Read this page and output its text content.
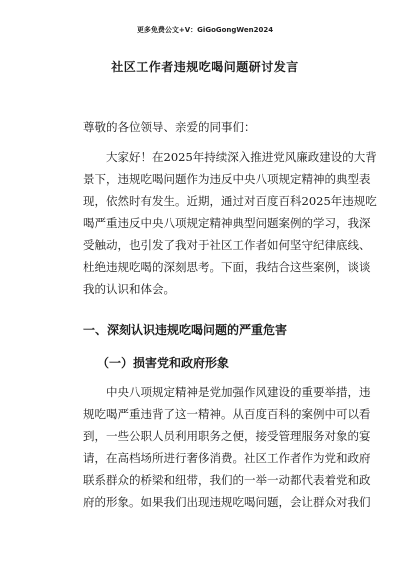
更多免费公文+V：GiGoGongWen2024
社区工作者违规吃喝问题研讨发言
尊敬的各位领导、亲爱的同事们：
　　大家好！在2025年持续深入推进党风廉政建设的大背
景下，违规吃喝问题作为违反中央八项规定精神的典型表
现，依然时有发生。近期，通过对百度百科2025年违规吃
喝严重违反中央八项规定精神典型问题案例的学习，我深
受触动，也引发了我对于社区工作者如何坚守纪律底线、
杜绝违规吃喝的深刻思考。下面，我结合这些案例，谈谈
我的认识和体会。
一、深刻认识违规吃喝问题的严重危害
（一）损害党和政府形象
　　中央八项规定精神是党加强作风建设的重要举措，违
规吃喝严重违背了这一精神。从百度百科的案例中可以看
到，一些公职人员利用职务之便，接受管理服务对象的宴
请，在高档场所进行奢侈消费。社区工作者作为党和政府
联系群众的桥梁和纽带，我们的一举一动都代表着党和政
府的形象。如果我们出现违规吃喝问题，会让群众对我们
